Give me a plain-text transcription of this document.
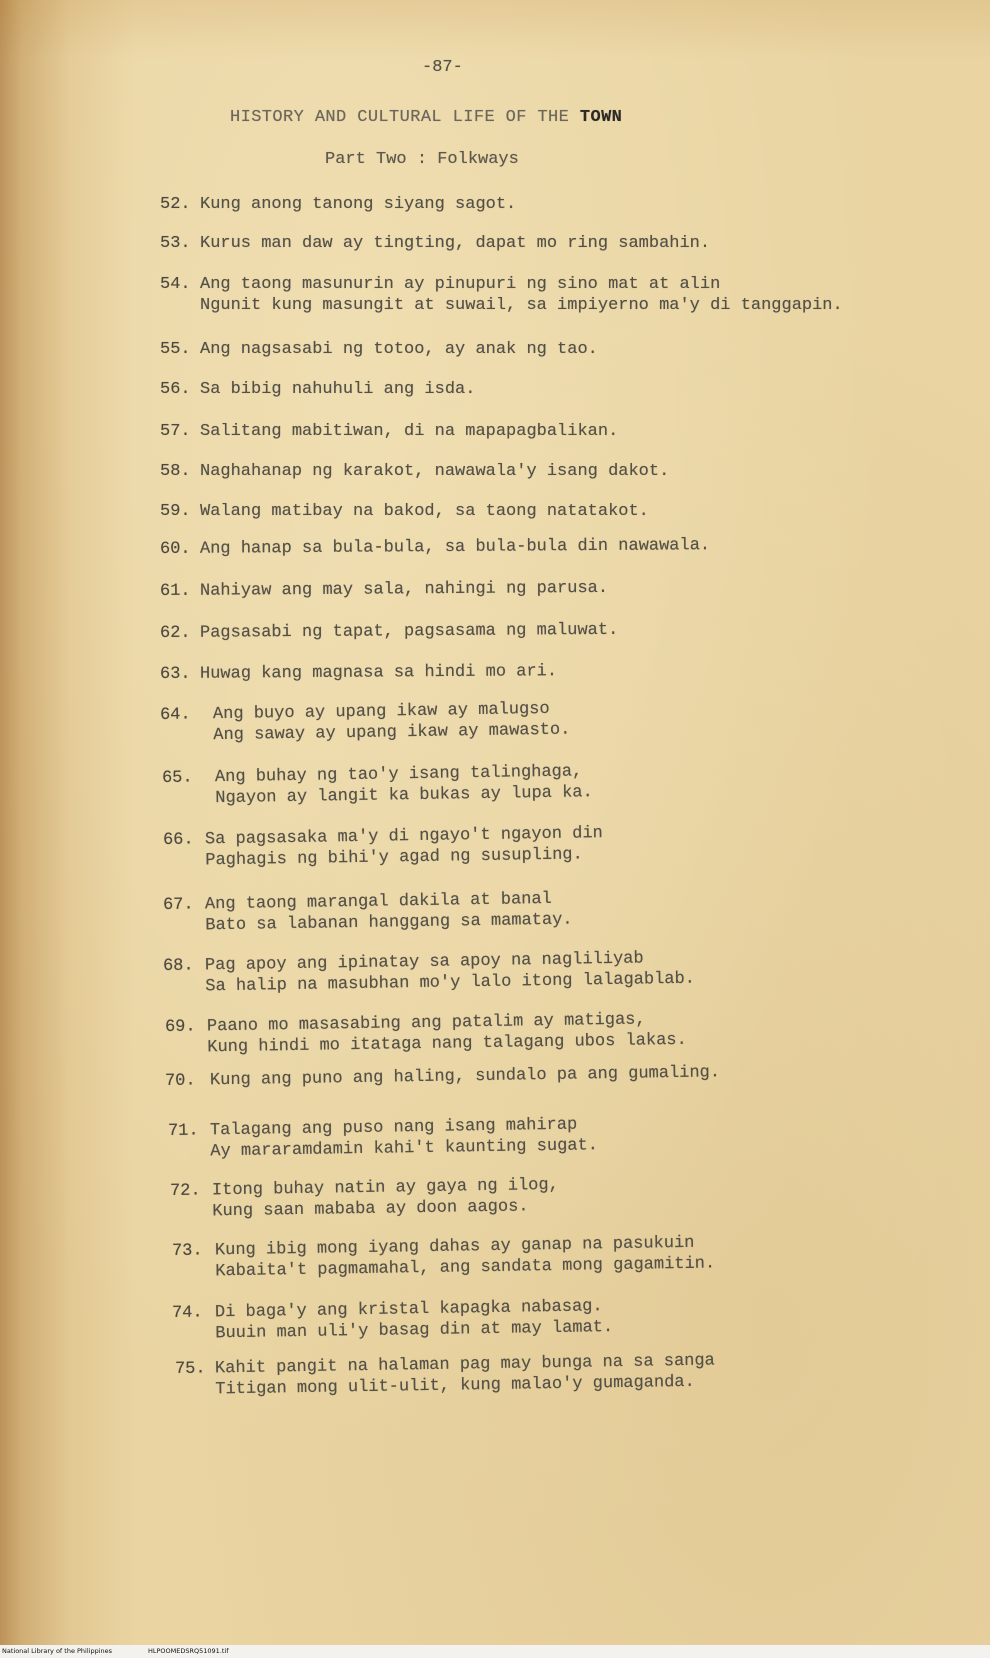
-87-
HISTORY AND CULTURAL LIFE OF THE TOWN
Part Two : Folkways
52. Kung anong tanong siyang sagot.
53. Kurus man daw ay tingting, dapat mo ring sambahin.
54. Ang taong masunurin ay pinupuri ng sino mat at alin
Ngunit kung masungit at suwail, sa impiyerno ma'y di tanggapin.
55. Ang nagsasabi ng totoo, ay anak ng tao.
56. Sa bibig nahuhuli ang isda.
57. Salitang mabitiwan, di na mapapagbalikan.
58. Naghahanap ng karakot, nawawala'y isang dakot.
59. Walang matibay na bakod, sa taong natatakot.
60. Ang hanap sa bula-bula, sa bula-bula din nawawala.
61. Nahiyaw ang may sala, nahingi ng parusa.
62. Pagsasabi ng tapat, pagsasama ng maluwat.
63. Huwag kang magnasa sa hindi mo ari.
64. Ang buyo ay upang ikaw ay malugso
Ang saway ay upang ikaw ay mawasto.
65. Ang buhay ng tao'y isang talinghaga,
Ngayon ay langit ka bukas ay lupa ka.
66. Sa pagsasaka ma'y di ngayo't ngayon din
Paghagis ng bihi'y agad ng susupling.
67. Ang taong marangal dakila at banal
Bato sa labanan hanggang sa mamatay.
68. Pag apoy ang ipinatay sa apoy na nagliliyab
Sa halip na masubhan mo'y lalo itong lalagablab.
69. Paano mo masasabing ang patalim ay matigas,
Kung hindi mo itataga nang talagang ubos lakas.
70. Kung ang puno ang haling, sundalo pa ang gumaling.
71. Talagang ang puso nang isang mahirap
Ay mararamdamin kahi't kaunting sugat.
72. Itong buhay natin ay gaya ng ilog,
Kung saan mababa ay doon aagos.
73. Kung ibig mong iyang dahas ay ganap na pasukuin
Kabaita't pagmamahal, ang sandata mong gagamitin.
74. Di baga'y ang kristal kapagka nabasag.
Buuin man uli'y basag din at may lamat.
75. Kahit pangit na halaman pag may bunga na sa sanga
Titigan mong ulit-ulit, kung malao'y gumaganda.
National Library of the Philippines	HLPOOMEDSRQ51091.tif
